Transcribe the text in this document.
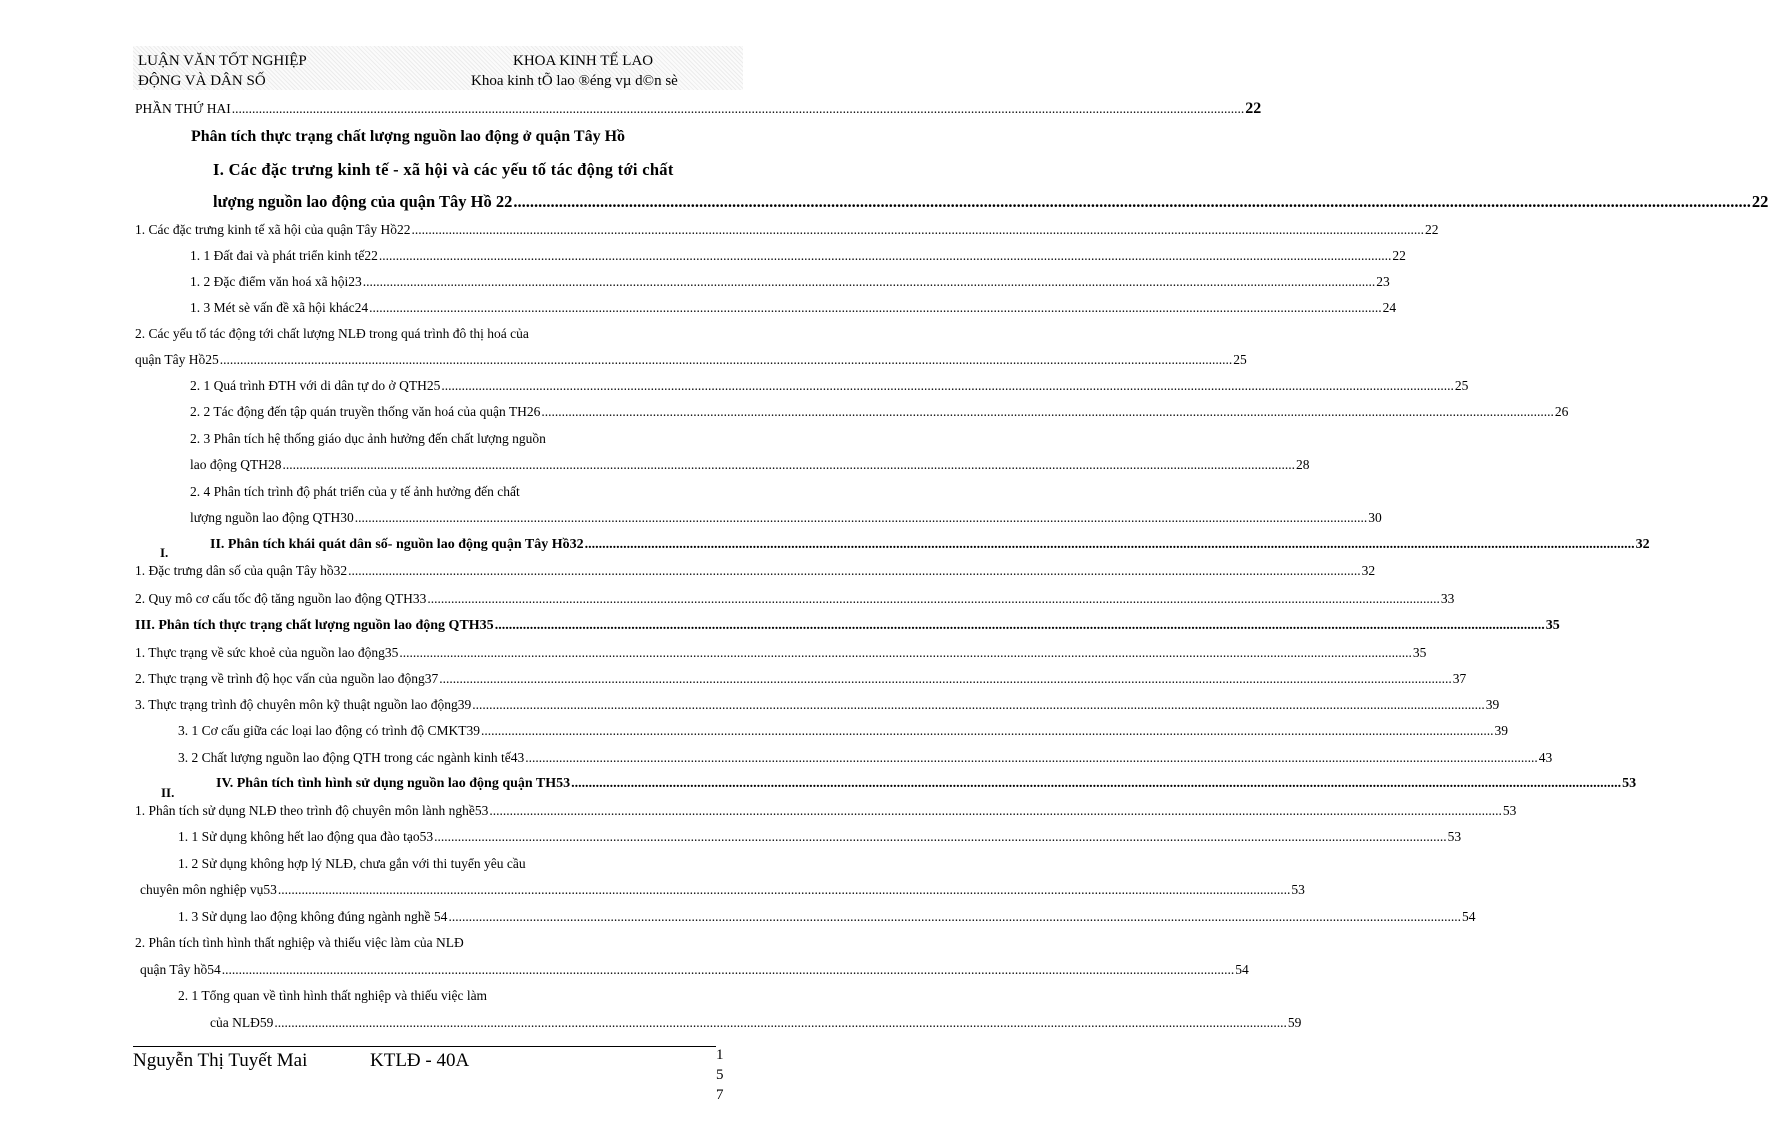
LUẬN VĂN TỐT NGHIỆP
ĐỘNG VÀ DÂN SỐ
KHOA KINH TẾ LAO
Khoa kinh tÕ lao ®éng vµ d©n sè
PHẦN THỨ HAI ............................................................................................................................................................................................................................................................................................................ 22
Phân tích thực trạng chất lượng nguồn lao động ở quận Tây Hồ
I. Các đặc trưng kinh tế - xã hội và các yếu tố tác động tới chất
lượng nguồn lao động của quận Tây Hồ 22 ............................................................................................................................................................................................................................................................................................................ 22
1. Các đặc trưng kinh tế xã hội của quận Tây Hồ22 ............................................................................................................................................................................................................................................................................................................ 22
1. 1 Đất đai và phát triển kinh tế22 ............................................................................................................................................................................................................................................................................................................ 22
1. 2 Đặc điểm văn hoá xã hội23 ............................................................................................................................................................................................................................................................................................................ 23
1. 3 Mét sè vấn đề xã hội khác24 ............................................................................................................................................................................................................................................................................................................ 24
2. Các yếu tố tác động tới chất lượng NLĐ trong quá trình đô thị hoá của
quận Tây Hồ25 ............................................................................................................................................................................................................................................................................................................ 25
2. 1 Quá trình ĐTH với di dân tự do ở QTH25 ............................................................................................................................................................................................................................................................................................................ 25
2. 2 Tác động đến tập quán truyền thống văn hoá của quận TH26 ............................................................................................................................................................................................................................................................................................................ 26
2. 3 Phân tích hệ thống giáo dục ảnh hưởng đến chất lượng nguồn
lao động QTH28 ............................................................................................................................................................................................................................................................................................................ 28
2. 4 Phân tích trình độ phát triển của y tế ảnh hưởng đến chất
lượng nguồn lao động QTH30 ............................................................................................................................................................................................................................................................................................................ 30
I.
II. Phân tích khái quát dân số- nguồn lao động quận Tây Hồ32 ............................................................................................................................................................................................................................................................................................................ 32
1. Đặc trưng dân số của quận Tây hồ32 ............................................................................................................................................................................................................................................................................................................ 32
2. Quy mô cơ cấu tốc độ tăng nguồn lao động QTH33 ............................................................................................................................................................................................................................................................................................................ 33
III. Phân tích thực trạng chất lượng nguồn lao động QTH35 ............................................................................................................................................................................................................................................................................................................ 35
1. Thực trạng về sức khoẻ của nguồn lao động35 ............................................................................................................................................................................................................................................................................................................ 35
2. Thực trạng về trình độ học vấn của nguồn lao động37 ............................................................................................................................................................................................................................................................................................................ 37
3. Thực trạng trình độ chuyên môn kỹ thuật nguồn lao động39 ............................................................................................................................................................................................................................................................................................................ 39
3. 1 Cơ cấu giữa các loại lao động có trình độ CMKT39 ............................................................................................................................................................................................................................................................................................................ 39
3. 2 Chất lượng nguồn lao động QTH trong các ngành kinh tế43 ............................................................................................................................................................................................................................................................................................................ 43
II.
IV. Phân tích tình hình sử dụng nguồn lao động quận TH53 ............................................................................................................................................................................................................................................................................................................ 53
1. Phân tích sử dụng NLĐ theo trình độ chuyên môn lành nghề53 ............................................................................................................................................................................................................................................................................................................ 53
1. 1 Sử dụng không hết lao động qua đào tạo53 ............................................................................................................................................................................................................................................................................................................ 53
1. 2 Sử dụng không hợp lý NLĐ, chưa gắn với thi tuyển yêu cầu
chuyên môn nghiệp vụ53 ............................................................................................................................................................................................................................................................................................................ 53
1. 3 Sử dụng lao động không đúng ngành nghề 54 ............................................................................................................................................................................................................................................................................................................ 54
2. Phân tích tình hình thất nghiệp và thiếu việc làm của NLĐ
quận Tây hồ54 ............................................................................................................................................................................................................................................................................................................ 54
2. 1 Tổng quan về tình hình thất nghiệp và thiếu việc làm
của NLĐ59 ............................................................................................................................................................................................................................................................................................................ 59
Nguyễn Thị Tuyết Mai	KTLĐ - 40A	1
5
7
